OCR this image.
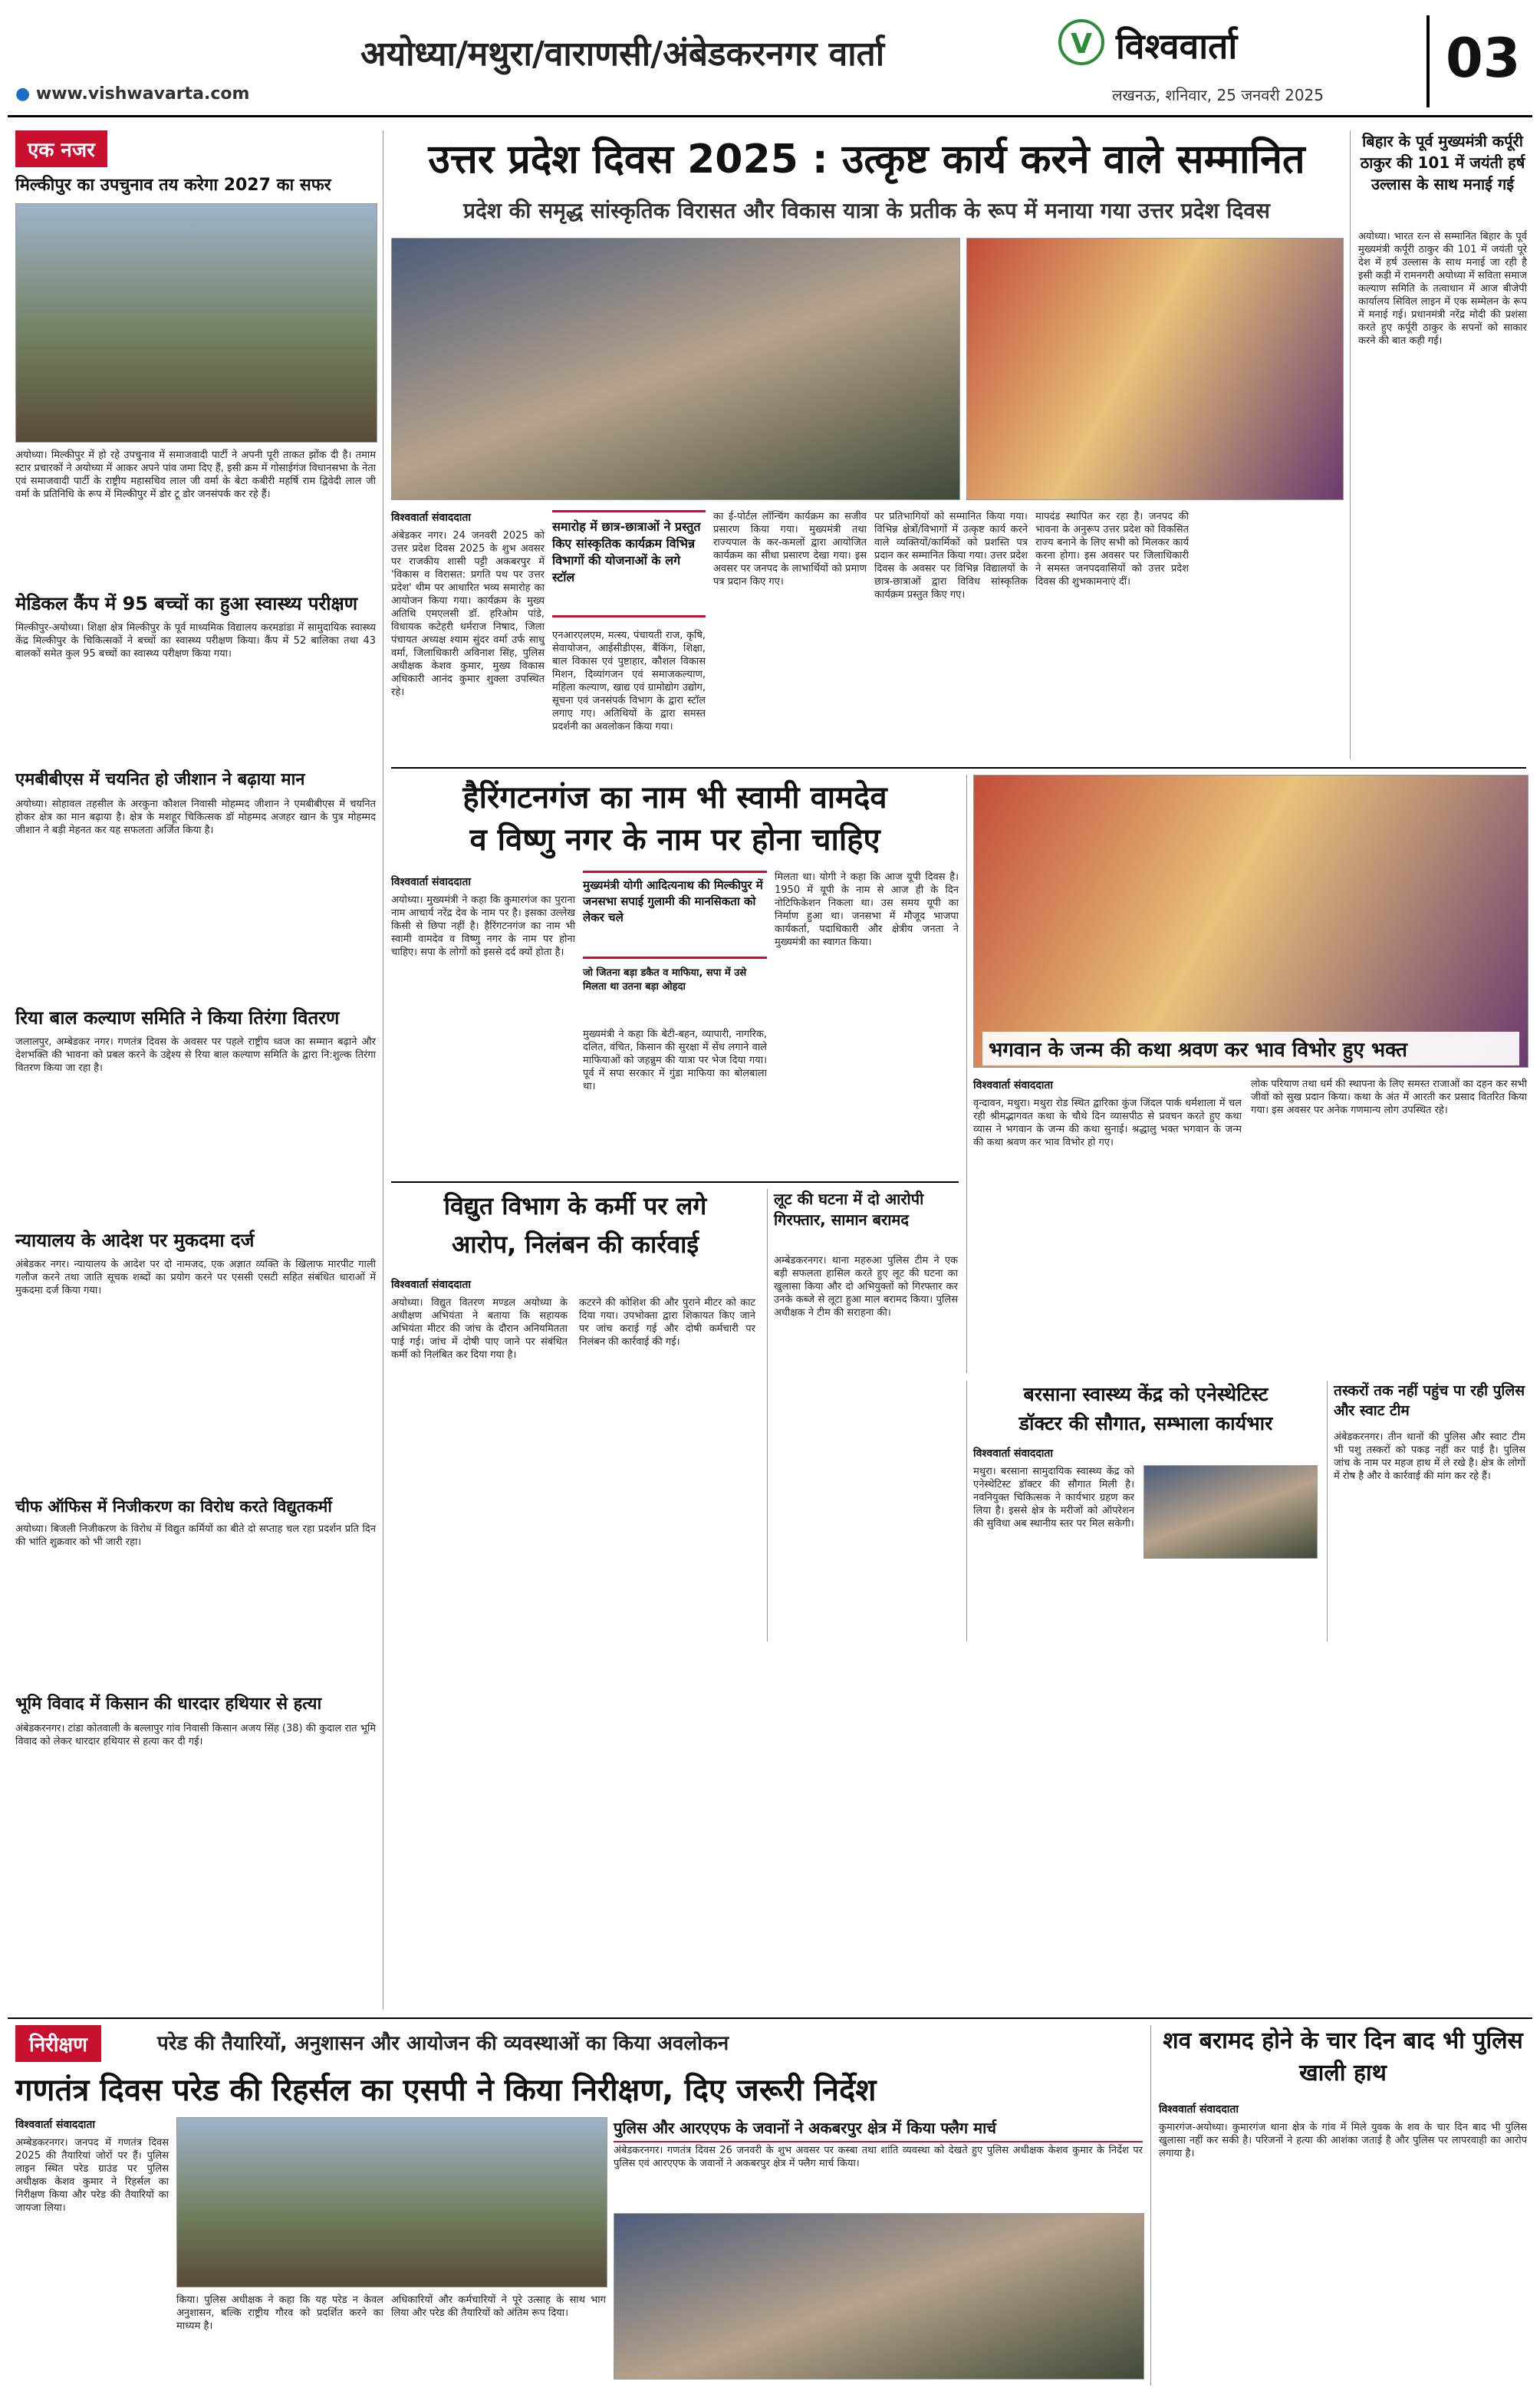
अयोध्या/मथुरा/वाराणसी/अंबेडकरनगर वार्ता
● www.vishwavarta.com
V विश्ववार्ता
लखनऊ, शनिवार, 25 जनवरी 2025
03
एक नजर
मिल्कीपुर का उपचुनाव तय करेगा 2027 का सफर
अयोध्या। मिल्कीपुर में हो रहे उपचुनाव में समाजवादी पार्टी ने अपनी पूरी ताकत झोंक दी है। तमाम स्टार प्रचारकों ने अयोध्या में आकर अपने पांव जमा दिए हैं, इसी क्रम में गोसाईगंज विधानसभा के नेता एवं समाजवादी पार्टी के राष्ट्रीय महासचिव लाल जी वर्मा के बेटा कबीरी महर्षि राम द्विवेदी लाल जी वर्मा के प्रतिनिधि के रूप में मिल्कीपुर में डोर टू डोर जनसंपर्क कर रहे हैं।
मेडिकल कैंप में 95 बच्चों का हुआ स्वास्थ्य परीक्षण
मिल्कीपुर-अयोध्या। शिक्षा क्षेत्र मिल्कीपुर के पूर्व माध्यमिक विद्यालय करमडांडा में सामुदायिक स्वास्थ्य केंद्र मिल्कीपुर के चिकित्सकों ने बच्चों का स्वास्थ्य परीक्षण किया। कैंप में 52 बालिका तथा 43 बालकों समेत कुल 95 बच्चों का स्वास्थ्य परीक्षण किया गया।
एमबीबीएस में चयनित हो जीशान ने बढ़ाया मान
अयोध्या। सोहावल तहसील के अरकुना कौशल निवासी मोहम्मद जीशान ने एमबीबीएस में चयनित होकर क्षेत्र का मान बढ़ाया है। क्षेत्र के मशहूर चिकित्सक डॉ मोहम्मद अजहर खान के पुत्र मोहम्मद जीशान ने बड़ी मेहनत कर यह सफलता अर्जित किया है।
रिया बाल कल्याण समिति ने किया तिरंगा वितरण
जलालपुर, अम्बेडकर नगर। गणतंत्र दिवस के अवसर पर पहले राष्ट्रीय ध्वज का सम्मान बढ़ाने और देशभक्ति की भावना को प्रबल करने के उद्देश्य से रिया बाल कल्याण समिति के द्वारा नि:शुल्क तिरंगा वितरण किया जा रहा है।
न्यायालय के आदेश पर मुकदमा दर्ज
अंबेडकर नगर। न्यायालय के आदेश पर दो नामजद, एक अज्ञात व्यक्ति के खिलाफ मारपीट गाली गलौज करने तथा जाति सूचक शब्दों का प्रयोग करने पर एससी एसटी सहित संबंधित धाराओं में मुकदमा दर्ज किया गया।
चीफ ऑफिस में निजीकरण का विरोध करते विद्युतकर्मी
अयोध्या। बिजली निजीकरण के विरोध में विद्युत कर्मियों का बीते दो सप्ताह चल रहा प्रदर्शन प्रति दिन की भांति शुक्रवार को भी जारी रहा।
भूमि विवाद में किसान की धारदार हथियार से हत्या
अंबेडकरनगर। टांडा कोतवाली के बल्लापुर गांव निवासी किसान अजय सिंह (38) की कुदाल रात भूमि विवाद को लेकर धारदार हथियार से हत्या कर दी गई।
उत्तर प्रदेश दिवस 2025 : उत्कृष्ट कार्य करने वाले सम्मानित
प्रदेश की समृद्ध सांस्कृतिक विरासत और विकास यात्रा के प्रतीक के रूप में मनाया गया उत्तर प्रदेश दिवस
विश्ववार्ता संवाददाता
अंबेडकर नगर। 24 जनवरी 2025 को उत्तर प्रदेश दिवस 2025 के शुभ अवसर पर राजकीय शासी पट्टी अकबरपुर में 'विकास व विरासत: प्रगति पथ पर उत्तर प्रदेश' थीम पर आधारित भव्य समारोह का आयोजन किया गया। कार्यक्रम के मुख्य अतिथि एमएलसी डॉ. हरिओम पांडे, विधायक कटेहरी धर्मराज निषाद, जिला पंचायत अध्यक्ष श्याम सुंदर वर्मा उर्फ साधु वर्मा, जिलाधिकारी अविनाश सिंह, पुलिस अधीक्षक केशव कुमार, मुख्य विकास अधिकारी आनंद कुमार शुक्ला उपस्थित रहे।
समारोह में छात्र-छात्राओं ने प्रस्तुत किए सांस्कृतिक कार्यक्रम विभिन्न विभागों की योजनाओं के लगे स्टॉल
एनआरएलएम, मत्स्य, पंचायती राज, कृषि, सेवायोजन, आईसीडीएस, बैंकिंग, शिक्षा, बाल विकास एवं पुष्टाहार, कौशल विकास मिशन, दिव्यांगजन एवं समाजकल्याण, महिला कल्याण, खाद्य एवं ग्रामोद्योग उद्योग, सूचना एवं जनसंपर्क विभाग के द्वारा स्टॉल लगाए गए। अतिथियों के द्वारा समस्त प्रदर्शनी का अवलोकन किया गया।
का ई-पोर्टल लॉन्चिंग कार्यक्रम का सजीव प्रसारण किया गया। मुख्यमंत्री तथा राज्यपाल के कर-कमलों द्वारा आयोजित कार्यक्रम का सीधा प्रसारण देखा गया। इस अवसर पर जनपद के लाभार्थियों को प्रमाण पत्र प्रदान किए गए।
पर प्रतिभागियों को सम्मानित किया गया। विभिन्न क्षेत्रों/विभागों में उत्कृष्ट कार्य करने वाले व्यक्तियों/कार्मिकों को प्रशस्ति पत्र प्रदान कर सम्मानित किया गया। उत्तर प्रदेश दिवस के अवसर पर विभिन्न विद्यालयों के छात्र-छात्राओं द्वारा विविध सांस्कृतिक कार्यक्रम प्रस्तुत किए गए।
मापदंड स्थापित कर रहा है। जनपद की भावना के अनुरूप उत्तर प्रदेश को विकसित राज्य बनाने के लिए सभी को मिलकर कार्य करना होगा। इस अवसर पर जिलाधिकारी ने समस्त जनपदवासियों को उत्तर प्रदेश दिवस की शुभकामनाएं दीं।
बिहार के पूर्व मुख्यमंत्री कर्पूरी ठाकुर की 101 में जयंती हर्ष उल्लास के साथ मनाई गई
अयोध्या। भारत रत्न से सम्मानित बिहार के पूर्व मुख्यमंत्री कर्पूरी ठाकुर की 101 में जयंती पूरे देश में हर्ष उल्लास के साथ मनाई जा रही है इसी कड़ी में रामनगरी अयोध्या में सविता समाज कल्याण समिति के तत्वाधान में आज बीजेपी कार्यालय सिविल लाइन में एक सम्मेलन के रूप में मनाई गई। प्रधानमंत्री नरेंद्र मोदी की प्रशंसा करते हुए कर्पूरी ठाकुर के सपनों को साकार करने की बात कही गई।
हैरिंगटनगंज का नाम भी स्वामी वामदेव
व विष्णु नगर के नाम पर होना चाहिए
विश्ववार्ता संवाददाता
अयोध्या। मुख्यमंत्री ने कहा कि कुमारगंज का पुराना नाम आचार्य नरेंद्र देव के नाम पर है। इसका उल्लेख किसी से छिपा नहीं है। हैरिंगटनगंज का नाम भी स्वामी वामदेव व विष्णु नगर के नाम पर होना चाहिए। सपा के लोगों को इससे दर्द क्यों होता है।
मुख्यमंत्री योगी आदित्यनाथ की मिल्कीपुर में जनसभा सपाई गुलामी की मानसिकता को लेकर चले
जो जितना बड़ा डकैत व माफिया, सपा में उसे मिलता था उतना बड़ा ओहदा
मुख्यमंत्री ने कहा कि बेटी-बहन, व्यापारी, नागरिक, दलित, वंचित, किसान की सुरक्षा में सेंध लगाने वाले माफियाओं को जहन्नुम की यात्रा पर भेज दिया गया। पूर्व में सपा सरकार में गुंडा माफिया का बोलबाला था।
मिलता था। योगी ने कहा कि आज यूपी दिवस है। 1950 में यूपी के नाम से आज ही के दिन नोटिफिकेशन निकला था। उस समय यूपी का निर्माण हुआ था। जनसभा में मौजूद भाजपा कार्यकर्ता, पदाधिकारी और क्षेत्रीय जनता ने मुख्यमंत्री का स्वागत किया।
भगवान के जन्म की कथा श्रवण कर भाव विभोर हुए भक्त
विश्ववार्ता संवाददाता
वृन्दावन, मथुरा। मथुरा रोड स्थित द्वारिका कुंज जिंदल पार्क धर्मशाला में चल रही श्रीमद्भागवत कथा के चौथे दिन व्यासपीठ से प्रवचन करते हुए कथा व्यास ने भगवान के जन्म की कथा सुनाई। श्रद्धालु भक्त भगवान के जन्म की कथा श्रवण कर भाव विभोर हो गए।
लोक परियाण तथा धर्म की स्थापना के लिए समस्त राजाओं का दहन कर सभी जीवों को सुख प्रदान किया। कथा के अंत में आरती कर प्रसाद वितरित किया गया। इस अवसर पर अनेक गणमान्य लोग उपस्थित रहे।
विद्युत विभाग के कर्मी पर लगे
आरोप, निलंबन की कार्रवाई
विश्ववार्ता संवाददाता
अयोध्या। विद्युत वितरण मण्डल अयोध्या के अधीक्षण अभियंता ने बताया कि सहायक अभियंता मीटर की जांच के दौरान अनियमितता पाई गई। जांच में दोषी पाए जाने पर संबंधित कर्मी को निलंबित कर दिया गया है।
कटरने की कोशिश की और पुराने मीटर को काट दिया गया। उपभोक्ता द्वारा शिकायत किए जाने पर जांच कराई गई और दोषी कर्मचारी पर निलंबन की कार्रवाई की गई।
लूट की घटना में दो आरोपी गिरफ्तार, सामान बरामद
अम्बेडकरनगर। थाना महरुआ पुलिस टीम ने एक बड़ी सफलता हासिल करते हुए लूट की घटना का खुलासा किया और दो अभियुक्तों को गिरफ्तार कर उनके कब्जे से लूटा हुआ माल बरामद किया। पुलिस अधीक्षक ने टीम की सराहना की।
बरसाना स्वास्थ्य केंद्र को एनेस्थेटिस्ट
डॉक्टर की सौगात, सम्भाला कार्यभार
विश्ववार्ता संवाददाता
मथुरा। बरसाना सामुदायिक स्वास्थ्य केंद्र को एनेस्थेटिस्ट डॉक्टर की सौगात मिली है। नवनियुक्त चिकित्सक ने कार्यभार ग्रहण कर लिया है। इससे क्षेत्र के मरीजों को ऑपरेशन की सुविधा अब स्थानीय स्तर पर मिल सकेगी।
तस्करों तक नहीं पहुंच पा रही पुलिस और स्वाट टीम
अंबेडकरनगर। तीन थानों की पुलिस और स्वाट टीम भी पशु तस्करों को पकड़ नहीं कर पाई है। पुलिस जांच के नाम पर महज हाथ में ले रखे है। क्षेत्र के लोगों में रोष है और वे कार्रवाई की मांग कर रहे हैं।
निरीक्षण	परेड की तैयारियों, अनुशासन और आयोजन की व्यवस्थाओं का किया अवलोकन
गणतंत्र दिवस परेड की रिहर्सल का एसपी ने किया निरीक्षण, दिए जरूरी निर्देश
विश्ववार्ता संवाददाता
अम्बेडकरनगर। जनपद में गणतंत्र दिवस 2025 की तैयारियां जोरों पर हैं। पुलिस लाइन स्थित परेड ग्राउंड पर पुलिस अधीक्षक केशव कुमार ने रिहर्सल का निरीक्षण किया और परेड की तैयारियों का जायजा लिया।
किया। पुलिस अधीक्षक ने कहा कि यह परेड न केवल अनुशासन, बल्कि राष्ट्रीय गौरव को प्रदर्शित करने का माध्यम है।
अधिकारियों और कर्मचारियों ने पूरे उत्साह के साथ भाग लिया और परेड की तैयारियों को अंतिम रूप दिया।
पुलिस और आरएएफ के जवानों ने अकबरपुर क्षेत्र में किया फ्लैग मार्च
अंबेडकरनगर। गणतंत्र दिवस 26 जनवरी के शुभ अवसर पर कस्बा तथा शांति व्यवस्था को देखते हुए पुलिस अधीक्षक केशव कुमार के निर्देश पर पुलिस एवं आरएएफ के जवानों ने अकबरपुर क्षेत्र में फ्लैग मार्च किया।
शव बरामद होने के चार दिन बाद भी पुलिस खाली हाथ
विश्ववार्ता संवाददाता
कुमारगंज-अयोध्या। कुमारगंज थाना क्षेत्र के गांव में मिले युवक के शव के चार दिन बाद भी पुलिस खुलासा नहीं कर सकी है। परिजनों ने हत्या की आशंका जताई है और पुलिस पर लापरवाही का आरोप लगाया है।
